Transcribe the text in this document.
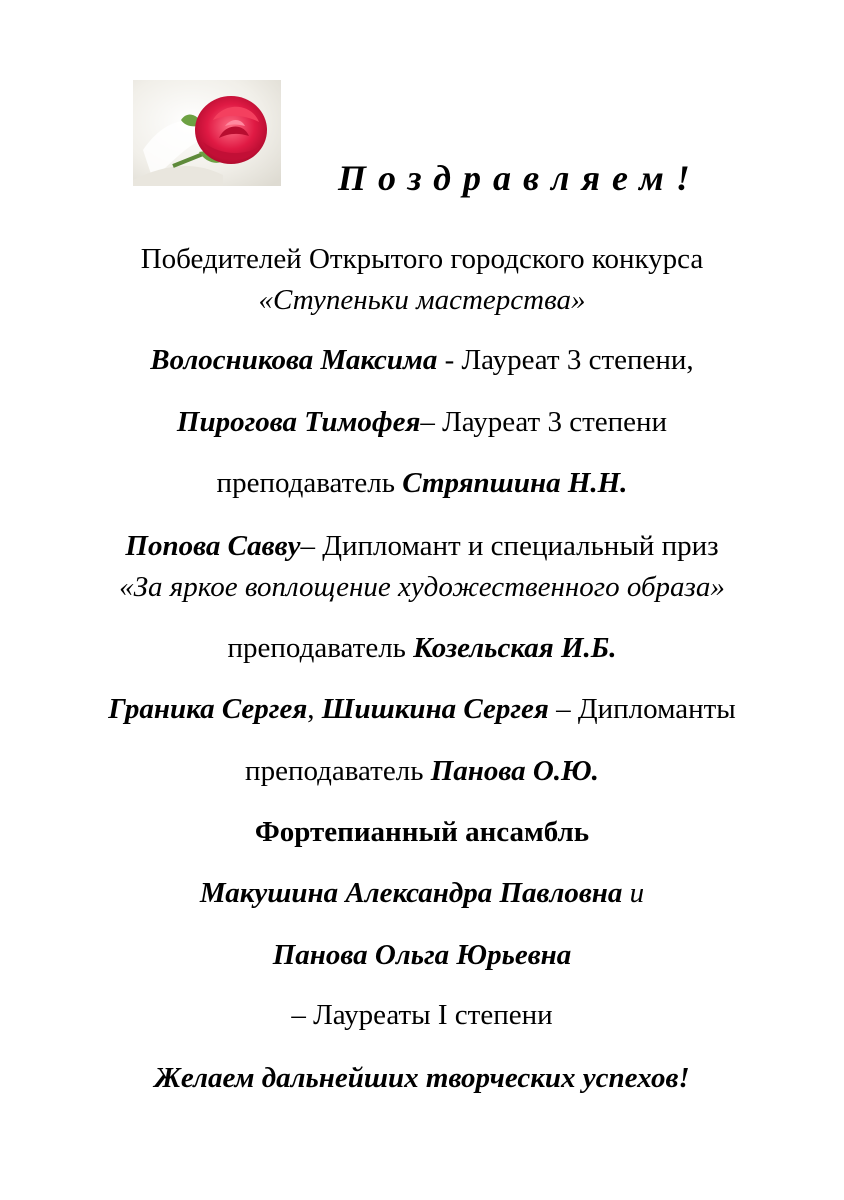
Поздравляем!
Победителей Открытого городского конкурса
«Ступеньки мастерства»
Волосникова Максима - Лауреат 3 степени,
Пирогова Тимофея– Лауреат 3 степени
преподаватель Стряпшина Н.Н.
Попова Савву– Дипломант и специальный приз
«За яркое воплощение художественного образа»
преподаватель Козельская И.Б.
Граника Сергея, Шишкина Сергея – Дипломанты
преподаватель Панова О.Ю.
Фортепианный ансамбль
Макушина Александра Павловна и
Панова Ольга Юрьевна
– Лауреаты I степени
Желаем дальнейших творческих успехов!
